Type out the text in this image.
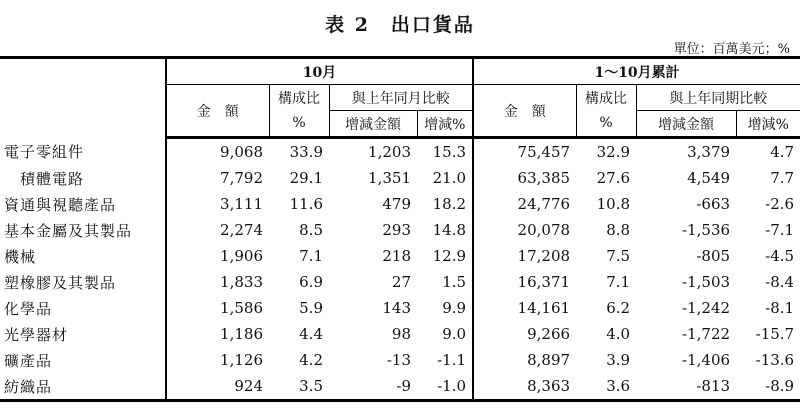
表 2　出口貨品
單位：百萬美元；%
	10月				1～10月累計			
	金　額	構成比	與上年同月比較		金　額	構成比	與上年同期比較	
		%	增減金額	增減%		%	增減金額	增減%
電子零組件	9,068	33.9	1,203	15.3	75,457	32.9	3,379	4.7
積體電路	7,792	29.1	1,351	21.0	63,385	27.6	4,549	7.7
資通與視聽產品	3,111	11.6	479	18.2	24,776	10.8	-663	-2.6
基本金屬及其製品	2,274	8.5	293	14.8	20,078	8.8	-1,536	-7.1
機械	1,906	7.1	218	12.9	17,208	7.5	-805	-4.5
塑橡膠及其製品	1,833	6.9	27	1.5	16,371	7.1	-1,503	-8.4
化學品	1,586	5.9	143	9.9	14,161	6.2	-1,242	-8.1
光學器材	1,186	4.4	98	9.0	9,266	4.0	-1,722	-15.7
礦產品	1,126	4.2	-13	-1.1	8,897	3.9	-1,406	-13.6
紡織品	924	3.5	-9	-1.0	8,363	3.6	-813	-8.9
